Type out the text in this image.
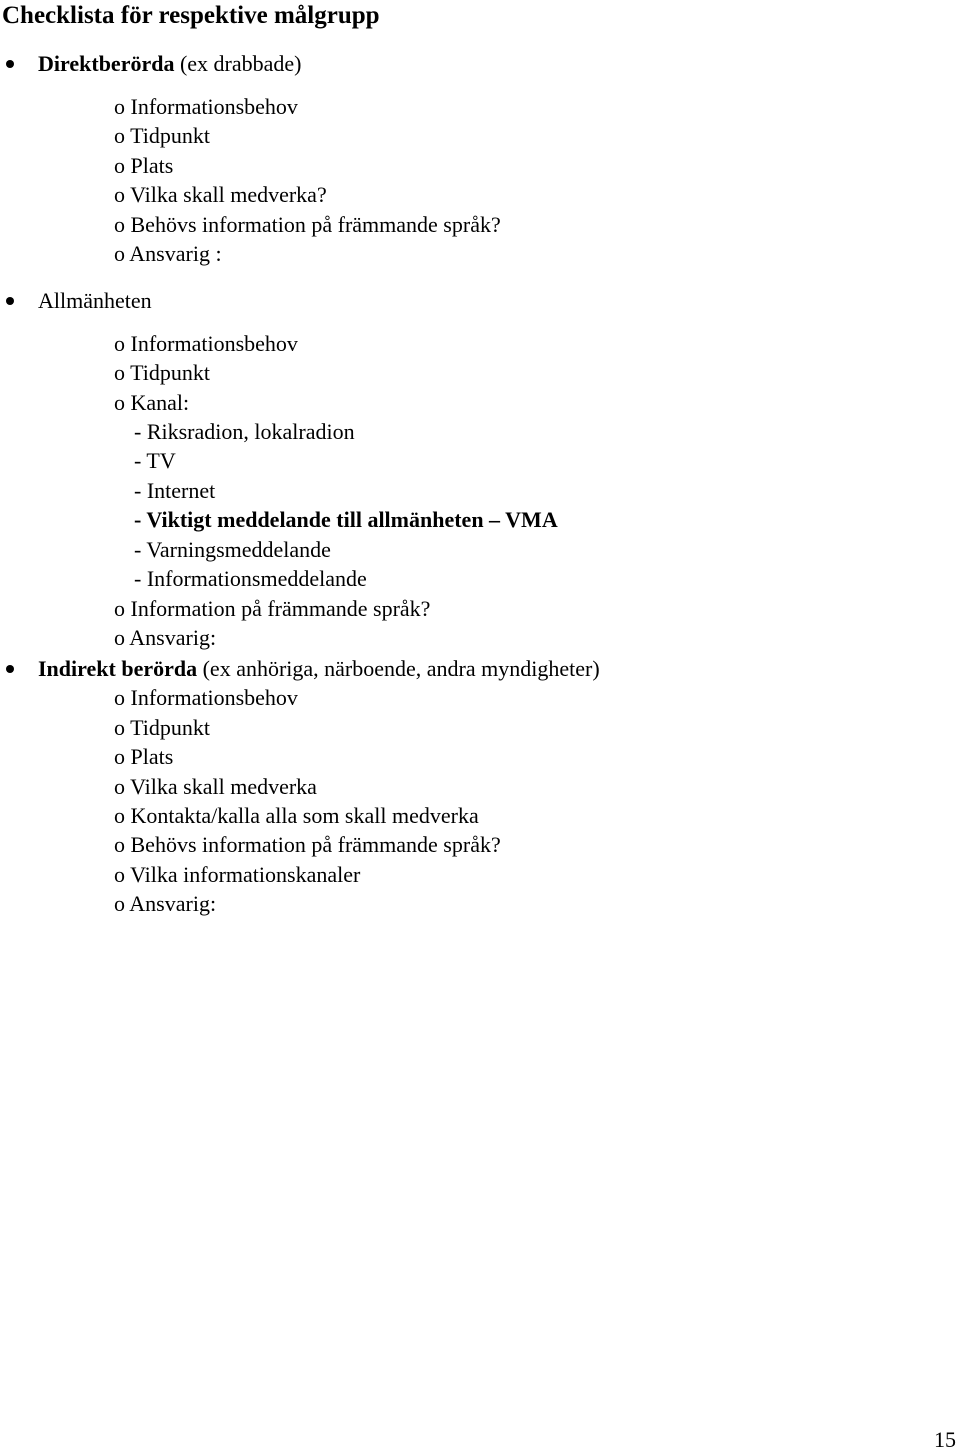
Checklista för respektive målgrupp
Direktberörda (ex drabbade)
o Informationsbehov
o Tidpunkt
o Plats
o Vilka skall medverka?
o Behövs information på främmande språk?
o Ansvarig :
Allmänheten
o Informationsbehov
o Tidpunkt
o Kanal:
- Riksradion, lokalradion
- TV
- Internet
- Viktigt meddelande till allmänheten – VMA
- Varningsmeddelande
- Informationsmeddelande
o Information på främmande språk?
o Ansvarig:
Indirekt berörda (ex anhöriga, närboende, andra myndigheter)
o Informationsbehov
o Tidpunkt
o Plats
o Vilka skall medverka
o Kontakta/kalla alla som skall medverka
o Behövs information på främmande språk?
o Vilka informationskanaler
o Ansvarig:
15
